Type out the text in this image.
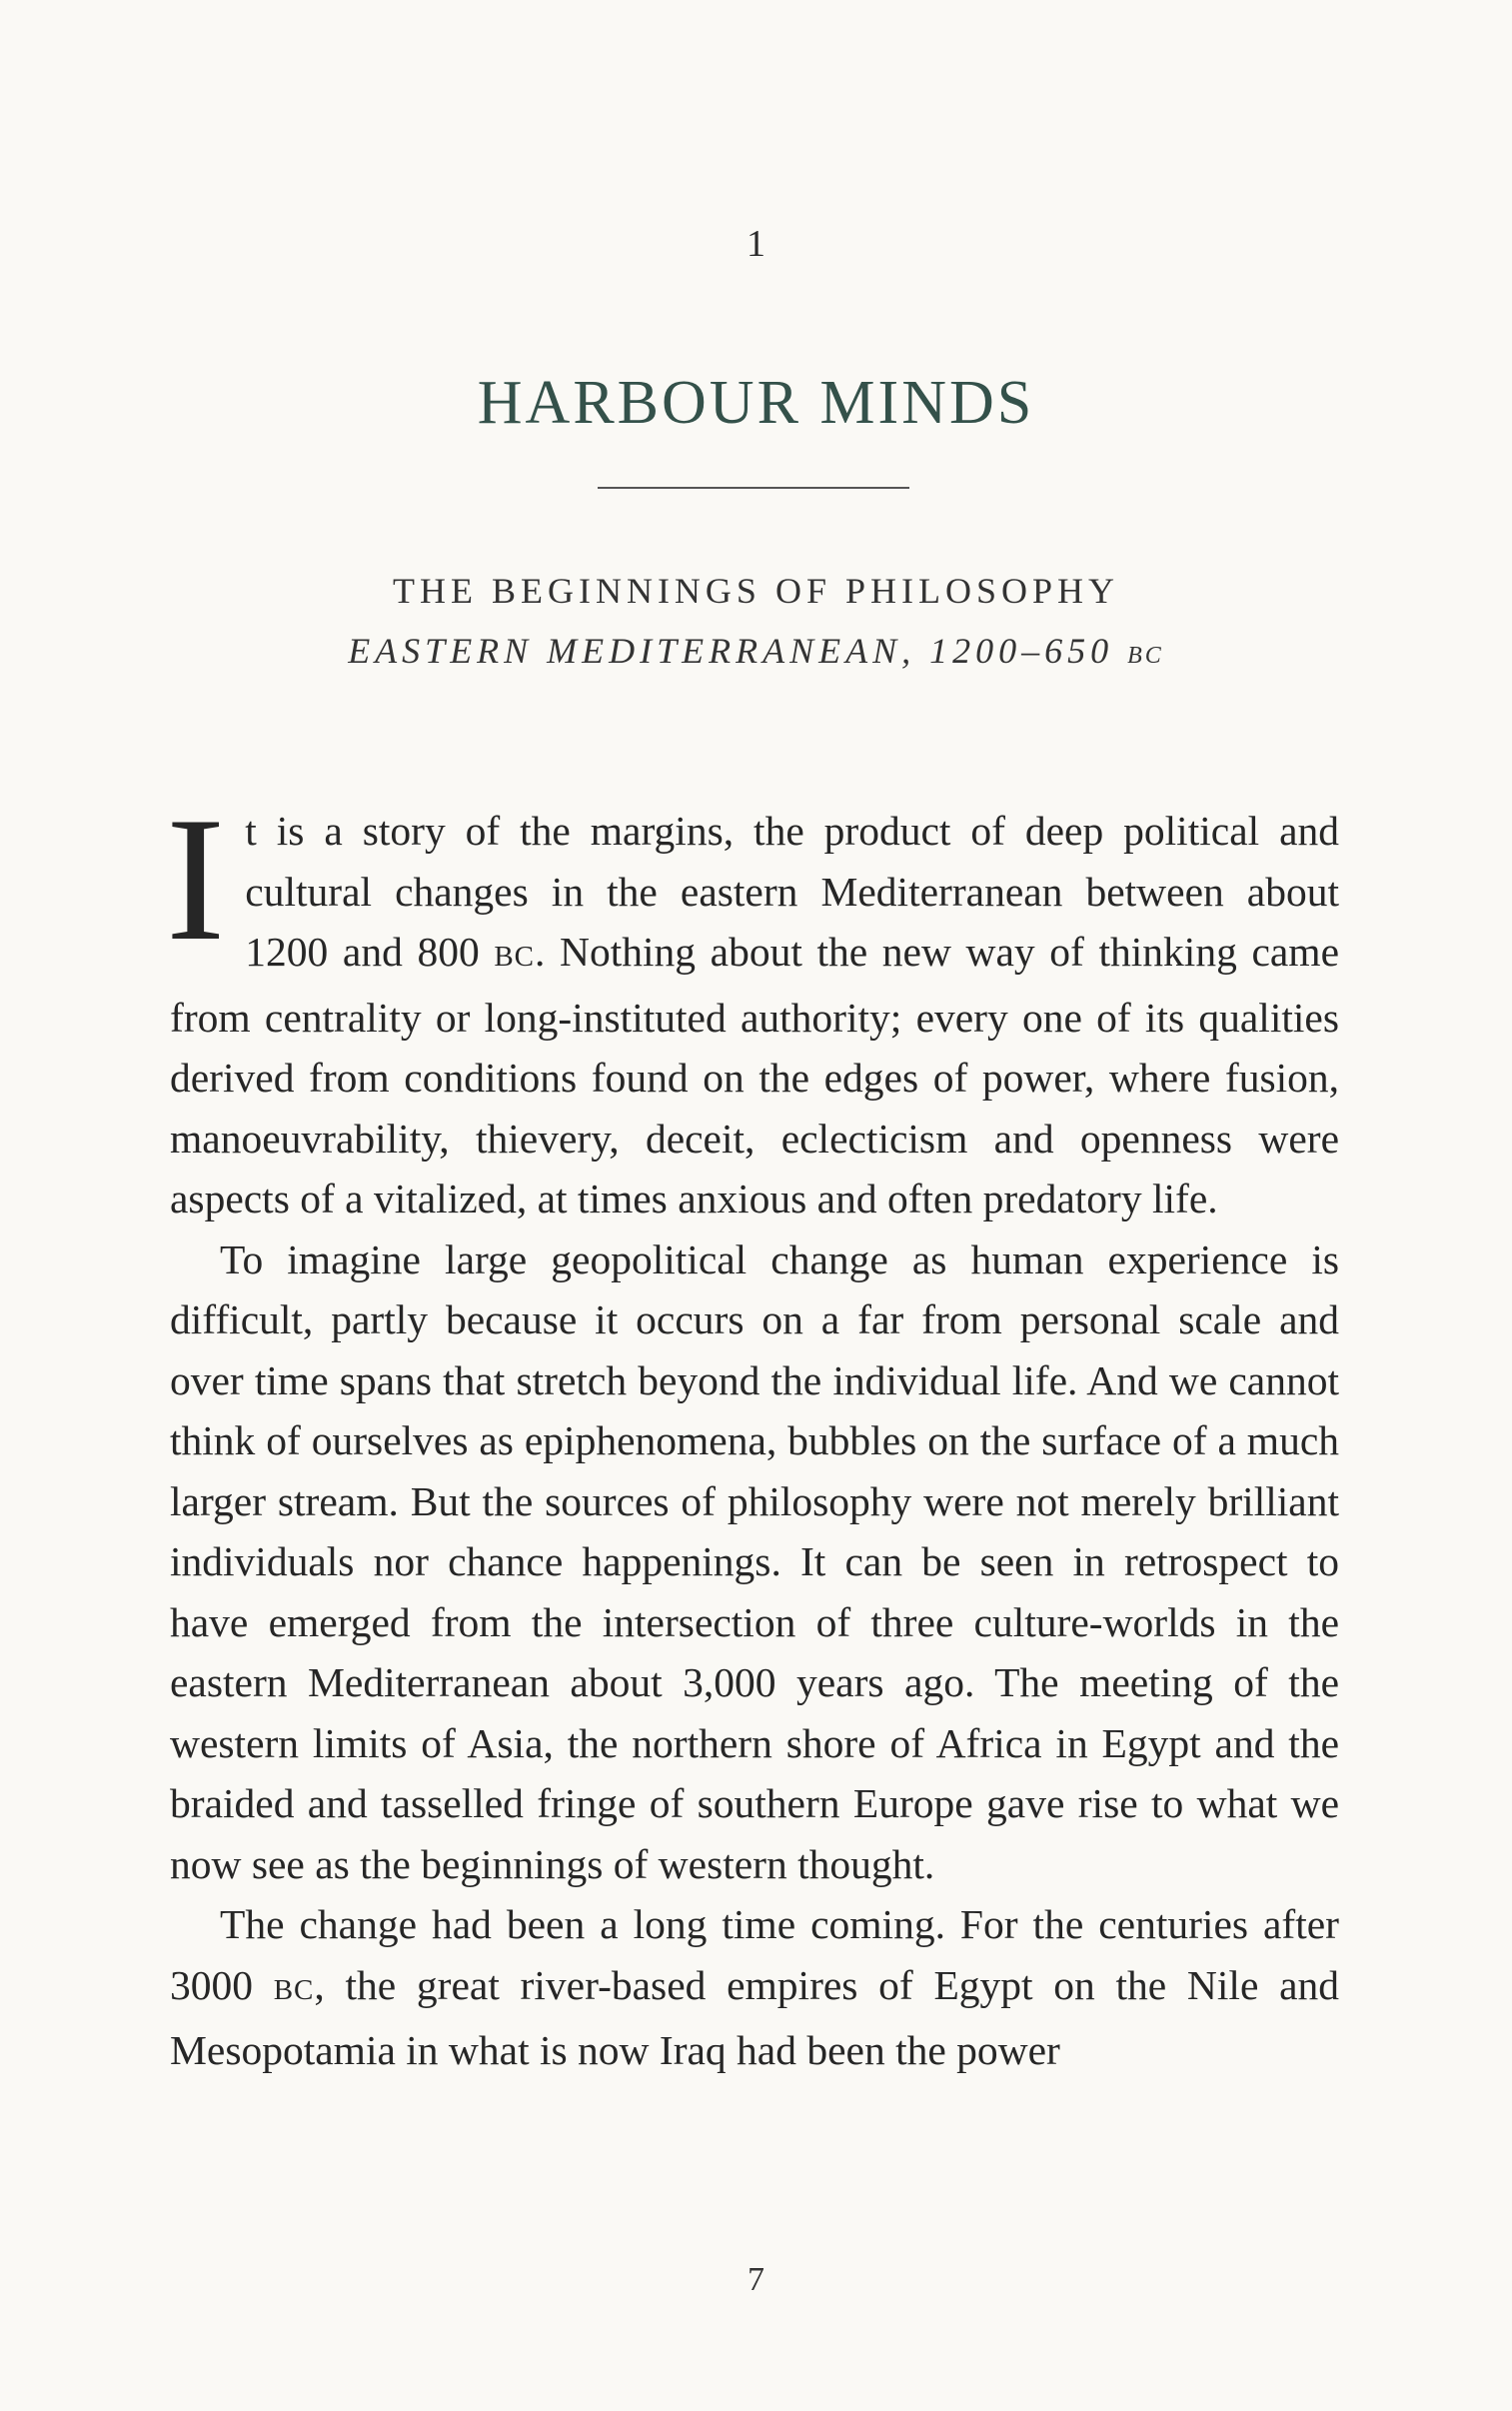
1
HARBOUR MINDS
THE BEGINNINGS OF PHILOSOPHY
EASTERN MEDITERRANEAN, 1200–650 BC

It is a story of the margins, the product of deep political and cultural changes in the eastern Mediterranean between about 1200 and 800 BC. Nothing about the new way of thinking came from centrality or long-instituted authority; every one of its qualities derived from conditions found on the edges of power, where fusion, manoeuvrability, thievery, deceit, eclecticism and openness were aspects of a vitalized, at times anxious and often predatory life.

To imagine large geopolitical change as human experience is difficult, partly because it occurs on a far from personal scale and over time spans that stretch beyond the individual life. And we cannot think of ourselves as epiphenomena, bubbles on the surface of a much larger stream. But the sources of philosophy were not merely brilliant individuals nor chance happenings. It can be seen in retrospect to have emerged from the intersection of three culture-worlds in the eastern Mediterranean about 3,000 years ago. The meeting of the western limits of Asia, the northern shore of Africa in Egypt and the braided and tasselled fringe of southern Europe gave rise to what we now see as the beginnings of western thought.

The change had been a long time coming. For the centuries after 3000 BC, the great river-based empires of Egypt on the Nile and Mesopotamia in what is now Iraq had been the power

7
